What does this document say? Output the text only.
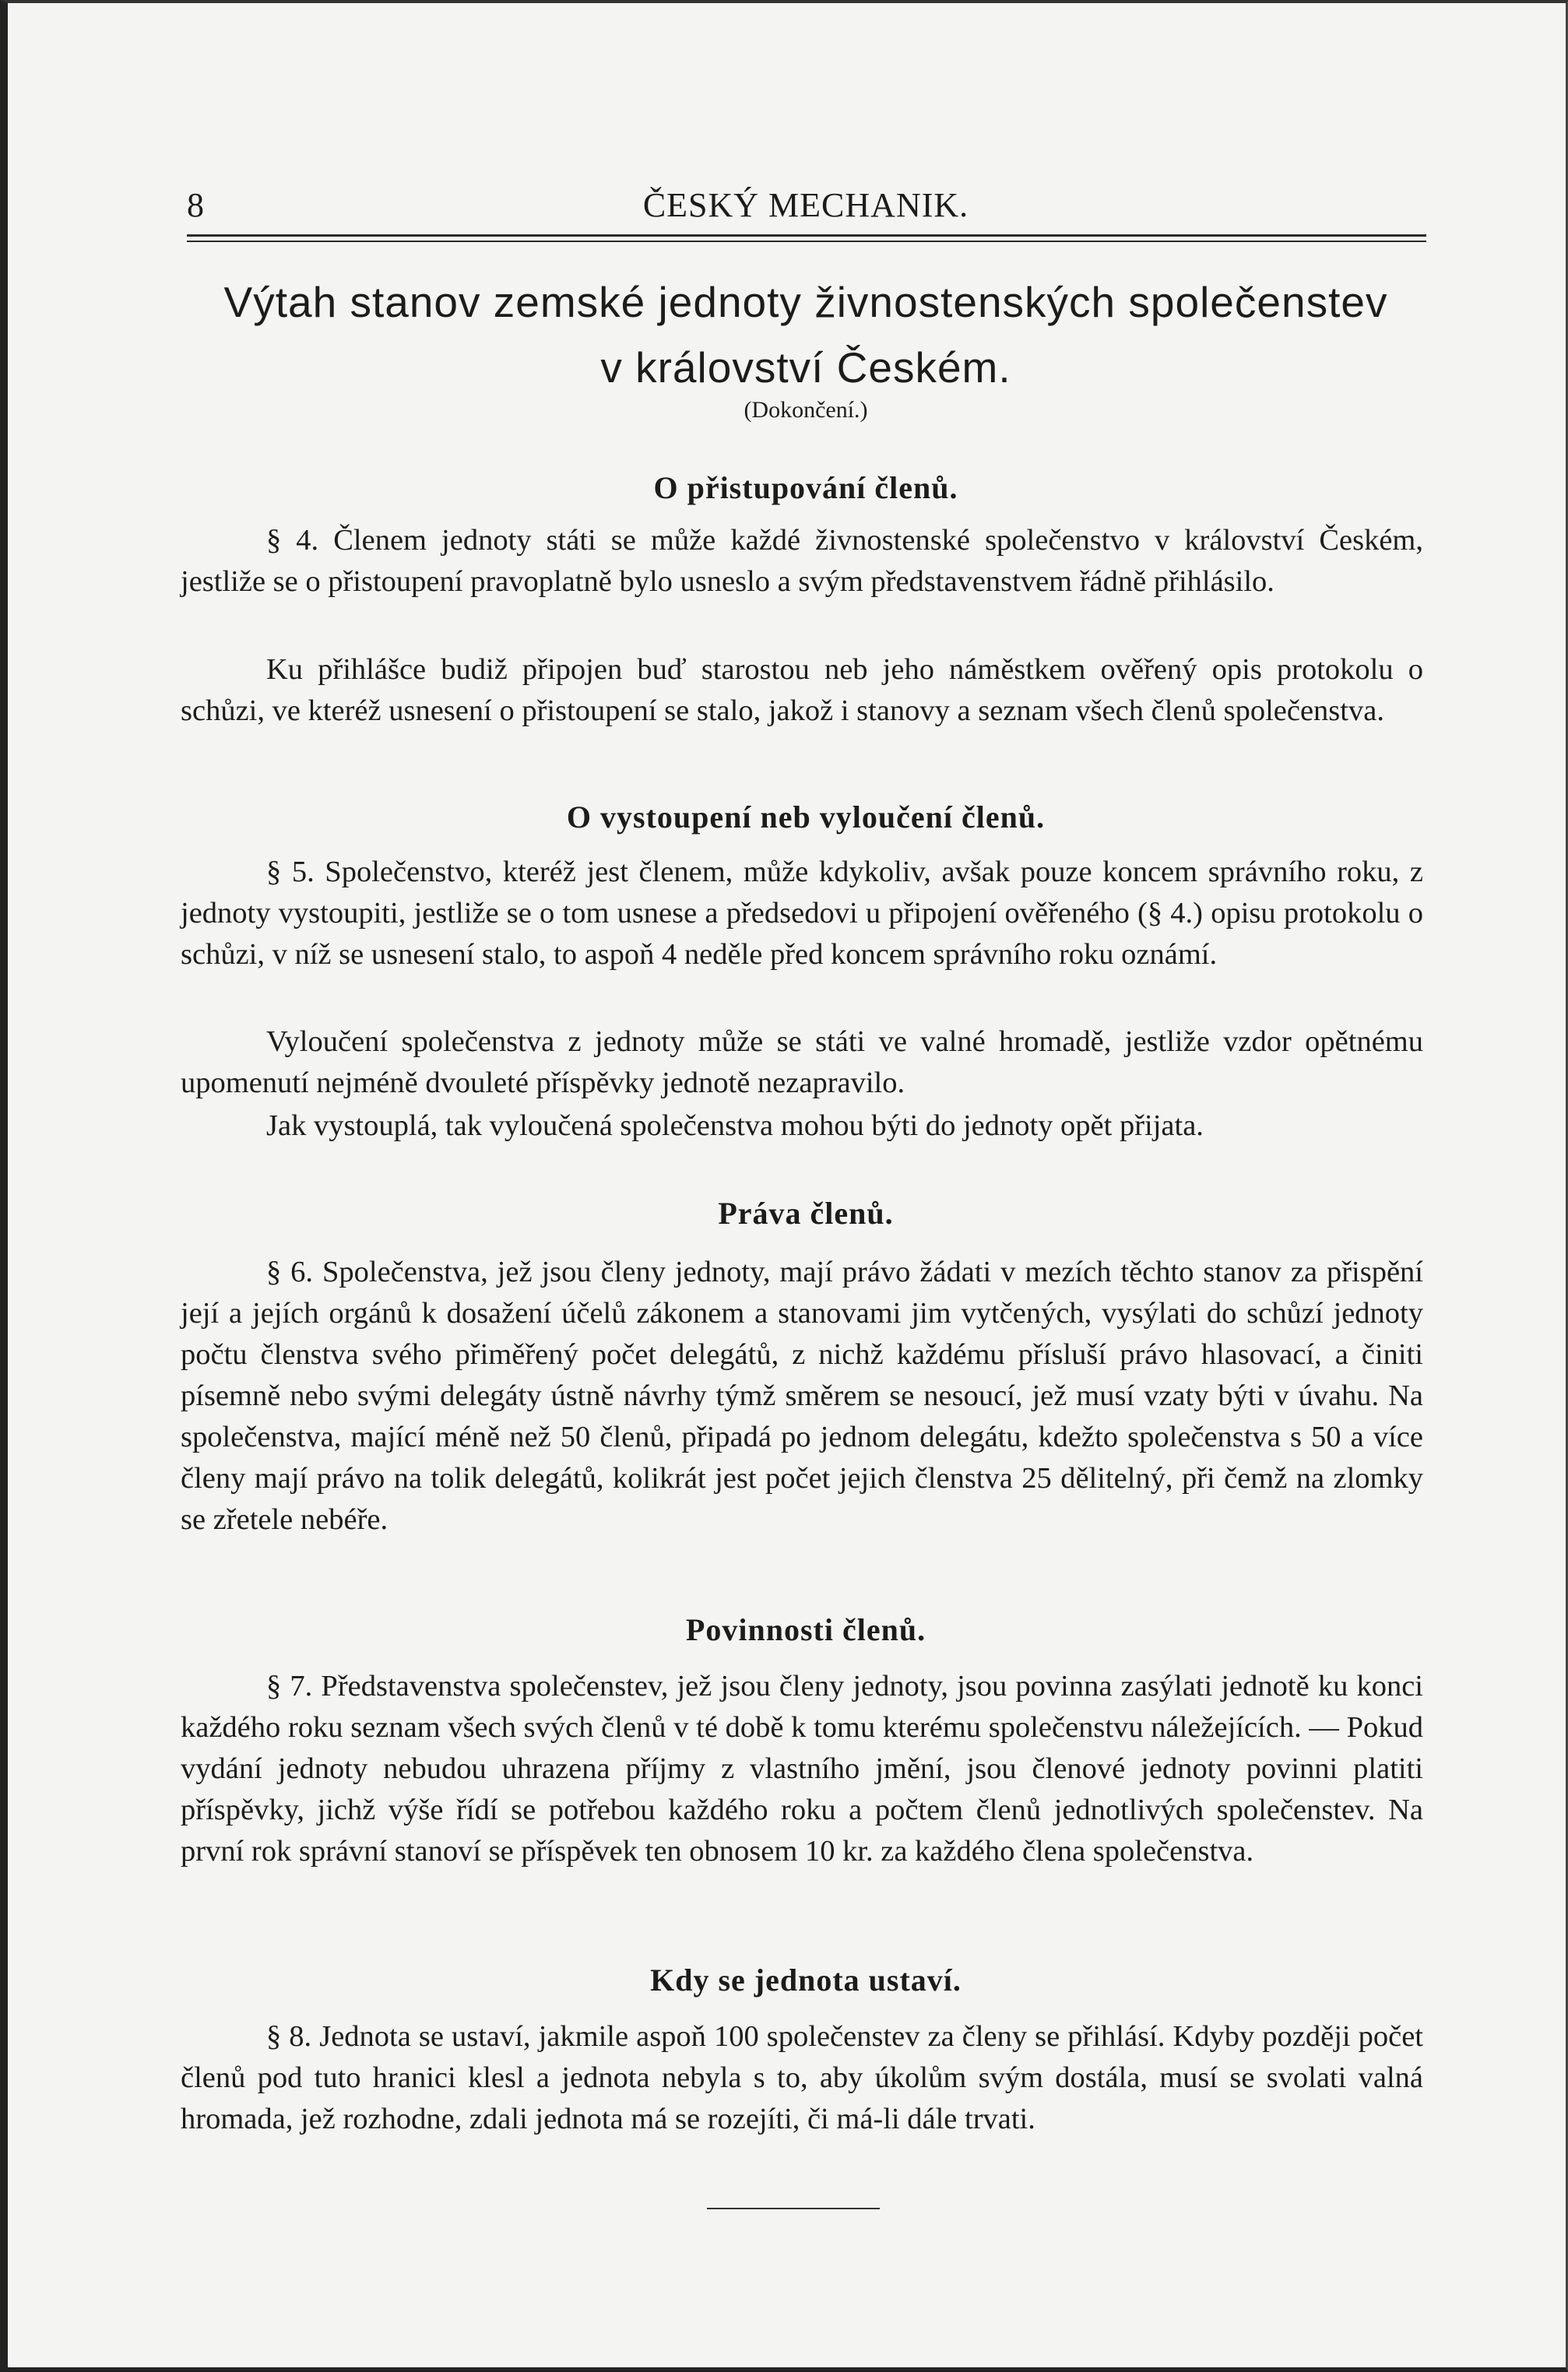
8	ČESKÝ MECHANIK.
Výtah stanov zemské jednoty živnostenských společenstev
v království Českém.
(Dokončení.)
O přistupování členů.

§ 4. Členem jednoty státi se může každé živnostenské společenstvo v království Českém, jestliže se o přistoupení pravoplatně bylo usneslo a svým představenstvem řádně přihlásilo.

Ku přihlášce budiž připojen buď starostou neb jeho náměstkem ověřený opis protokolu o schůzi, ve kteréž usnesení o přistoupení se stalo, jakož i stanovy a seznam všech členů společenstva.

O vystoupení neb vyloučení členů.

§ 5. Společenstvo, kteréž jest členem, může kdykoliv, avšak pouze koncem správního roku, z jednoty vystoupiti, jestliže se o tom usnese a předsedovi u připojení ověřeného (§ 4.) opisu protokolu o schůzi, v níž se usnesení stalo, to aspoň 4 neděle před koncem správního roku oznámí.

Vyloučení společenstva z jednoty může se státi ve valné hromadě, jestliže vzdor opětnému upomenutí nejméně dvouleté příspěvky jednotě nezapravilo.

Jak vystouplá, tak vyloučená společenstva mohou býti do jednoty opět přijata.

Práva členů.

§ 6. Společenstva, jež jsou členy jednoty, mají právo žádati v mezích těchto stanov za přispění její a jejích orgánů k dosažení účelů zákonem a stanovami jim vytčených, vysýlati do schůzí jednoty počtu členstva svého přiměřený počet delegátů, z nichž každému přísluší právo hlasovací, a činiti písemně nebo svými delegáty ústně návrhy týmž směrem se nesoucí, jež musí vzaty býti v úvahu. Na společenstva, mající méně než 50 členů, připadá po jednom delegátu, kdežto společenstva s 50 a více členy mají právo na tolik delegátů, kolikrát jest počet jejich členstva 25 dělitelný, při čemž na zlomky se zřetele nebéře.

Povinnosti členů.

§ 7. Představenstva společenstev, jež jsou členy jednoty, jsou povinna zasýlati jednotě ku konci každého roku seznam všech svých členů v té době k tomu kterému společenstvu náležejících. — Pokud vydání jednoty nebudou uhrazena příjmy z vlastního jmění, jsou členové jednoty povinni platiti příspěvky, jichž výše řídí se potřebou každého roku a počtem členů jednotlivých společenstev. Na první rok správní stanoví se příspěvek ten obnosem 10 kr. za každého člena společenstva.

Kdy se jednota ustaví.

§ 8. Jednota se ustaví, jakmile aspoň 100 společenstev za členy se přihlásí. Kdyby později počet členů pod tuto hranici klesl a jednota nebyla s to, aby úkolům svým dostála, musí se svolati valná hromada, jež rozhodne, zdali jednota má se rozejíti, či má-li dále trvati.
